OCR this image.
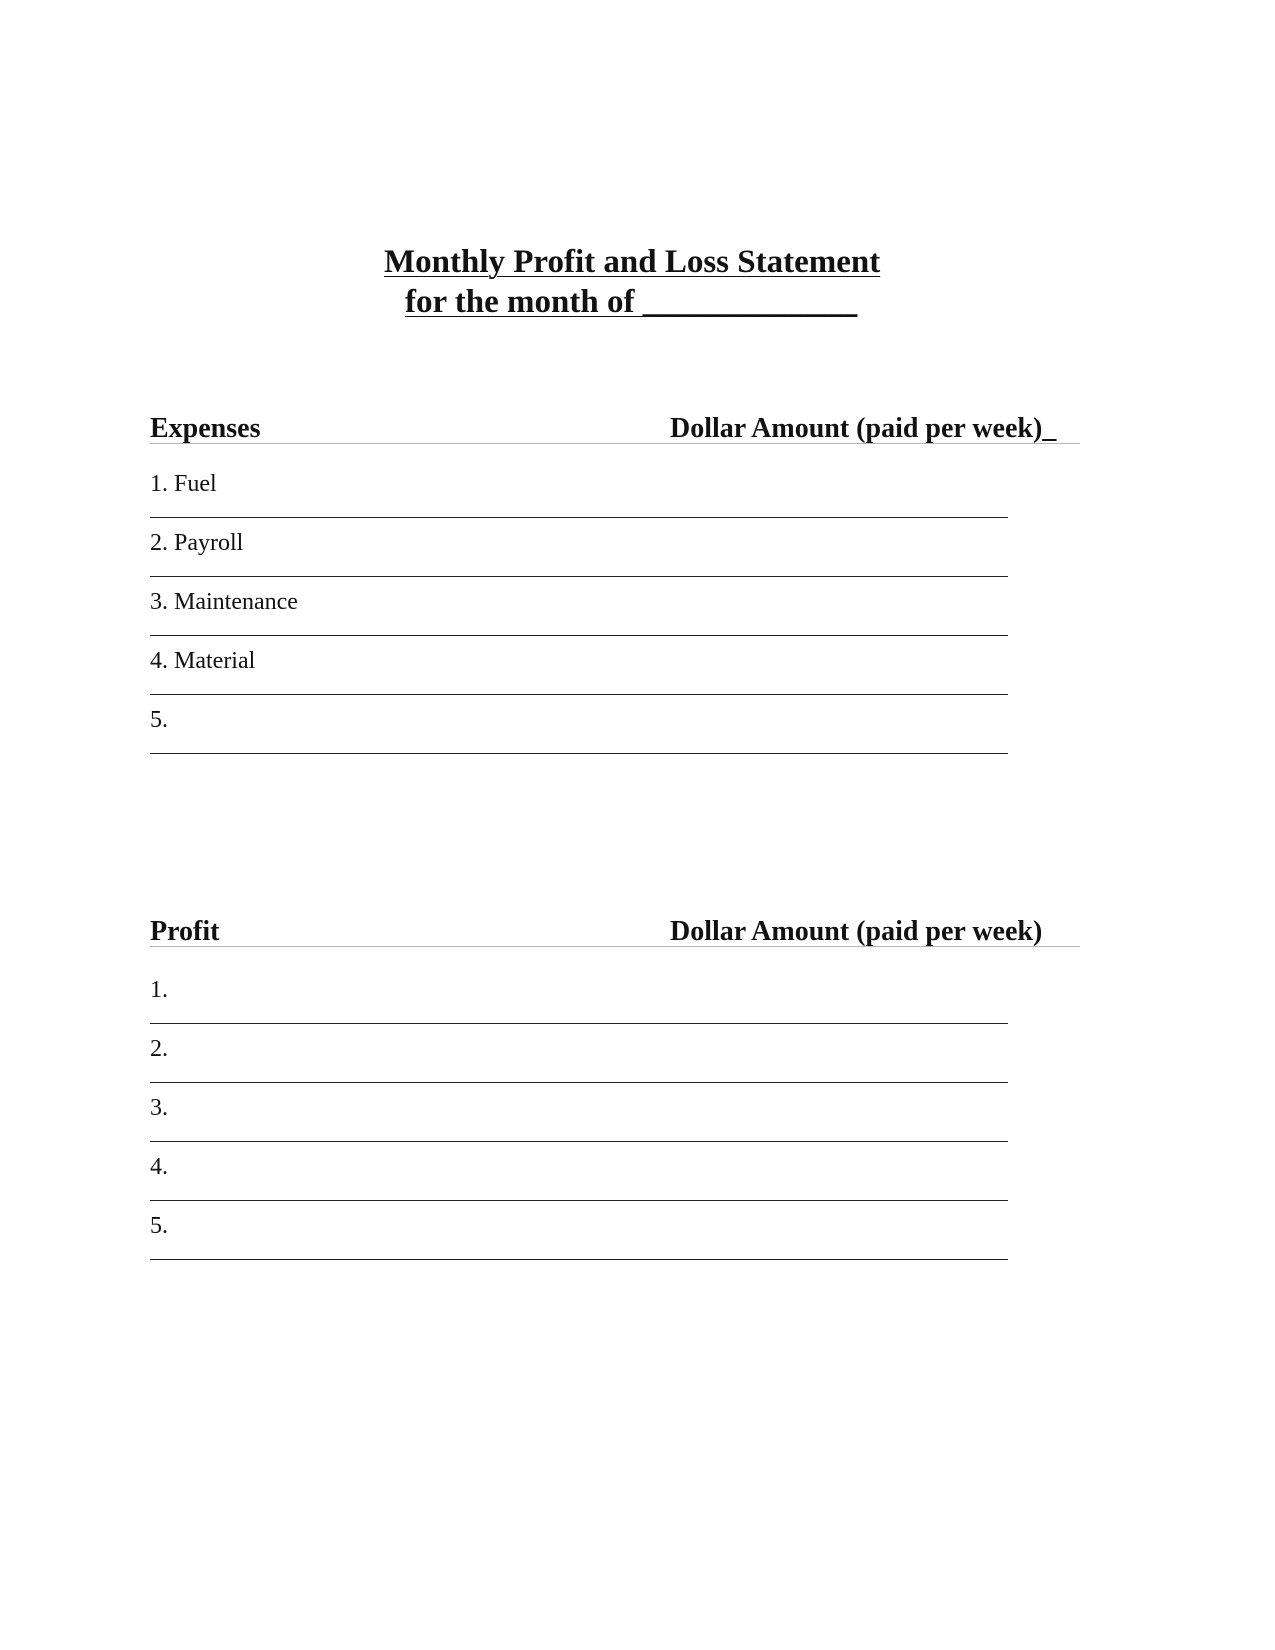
Monthly Profit and Loss Statement
for the month of _____________
Expenses	Dollar Amount (paid per week)_
1. Fuel
2. Payroll
3. Maintenance
4. Material
5.
Profit	Dollar Amount (paid per week)
1.
2.
3.
4.
5.
